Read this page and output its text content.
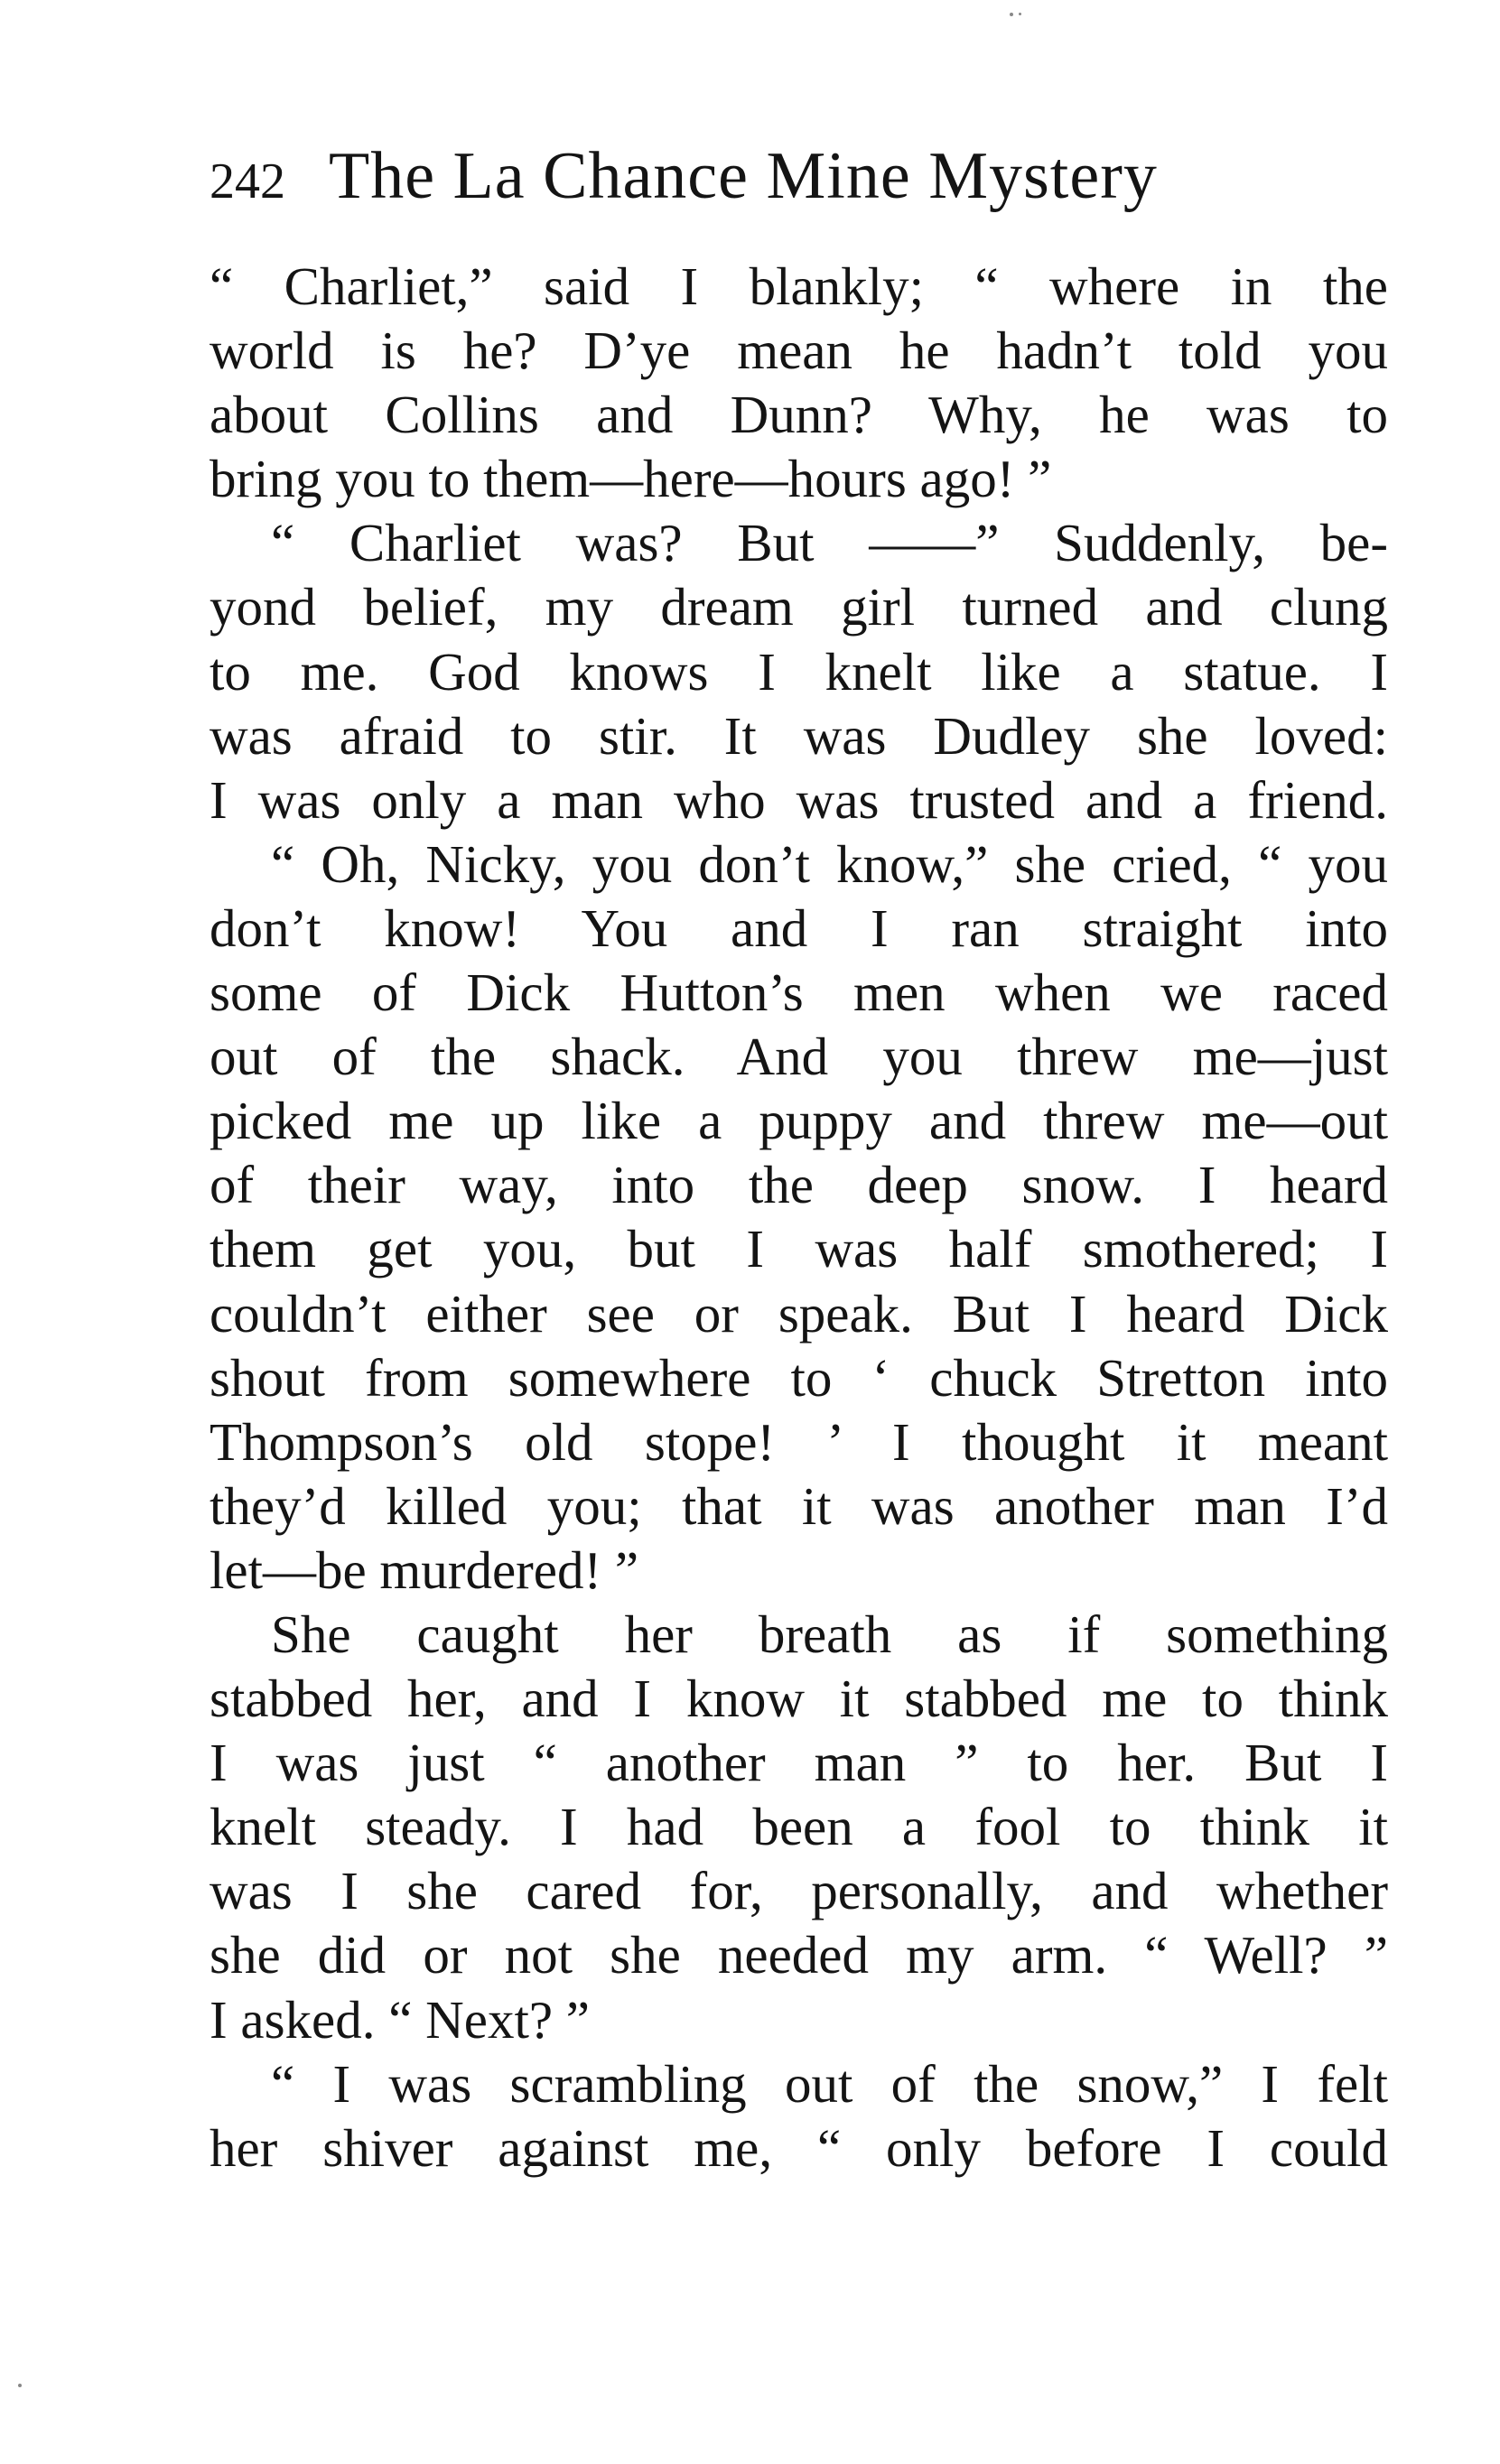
242 The La Chance Mine Mystery
“ Charliet,” said I blankly; “ where in the
world is he? D’ye mean he hadn’t told you
about Collins and Dunn? Why, he was to
bring you to them—here—hours ago! ”
“ Charliet was? But ——” Suddenly, be-
yond belief, my dream girl turned and clung
to me. God knows I knelt like a statue. I
was afraid to stir. It was Dudley she loved:
I was only a man who was trusted and a friend.
“ Oh, Nicky, you don’t know,” she cried, “ you
don’t know! You and I ran straight into
some of Dick Hutton’s men when we raced
out of the shack. And you threw me—just
picked me up like a puppy and threw me—out
of their way, into the deep snow. I heard
them get you, but I was half smothered; I
couldn’t either see or speak. But I heard Dick
shout from somewhere to ‘ chuck Stretton into
Thompson’s old stope! ’ I thought it meant
they’d killed you; that it was another man I’d
let—be murdered! ”
She caught her breath as if something
stabbed her, and I know it stabbed me to think
I was just “ another man ” to her. But I
knelt steady. I had been a fool to think it
was I she cared for, personally, and whether
she did or not she needed my arm. “ Well? ”
I asked. “ Next? ”
“ I was scrambling out of the snow,” I felt
her shiver against me, “ only before I could
